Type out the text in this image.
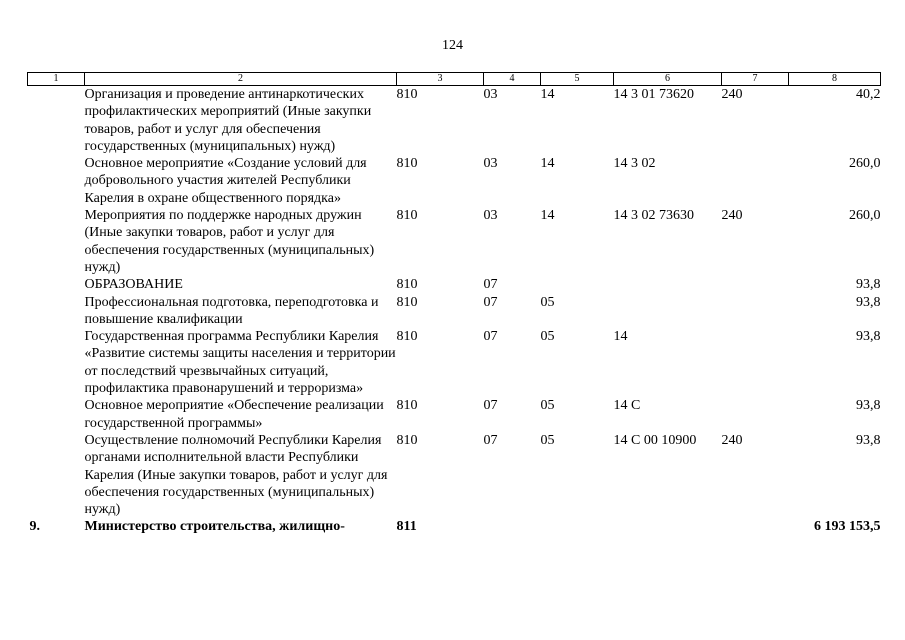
124
1	2	3	4	5	6	7	8
	Организация и проведение антинаркотических профилактических мероприятий (Иные закупки товаров, работ и услуг для обеспечения государственных (муниципальных) нужд)	810	03	14	14 3 01 73620	240	40,2
	Основное мероприятие «Создание условий для добровольного участия жителей Республики Карелия в охране общественного порядка»	810	03	14	14 3 02		260,0
	Мероприятия по поддержке народных дружин (Иные закупки товаров, работ и услуг для обеспечения государственных (муниципальных) нужд)	810	03	14	14 3 02 73630	240	260,0
	ОБРАЗОВАНИЕ	810	07				93,8
	Профессиональная подготовка, переподготовка и повышение квалификации	810	07	05			93,8
	Государственная программа Республики Карелия «Развитие системы защиты населения и территории от последствий чрезвычайных ситуаций, профилактика правонарушений и терроризма»	810	07	05	14		93,8
	Основное мероприятие «Обеспечение реализации государственной программы»	810	07	05	14 С		93,8
	Осуществление полномочий Республики Карелия органами исполнительной власти Республики Карелия (Иные закупки товаров, работ и услуг для обеспечения государственных (муниципальных) нужд)	810	07	05	14 С 00 10900	240	93,8
9.	Министерство строительства, жилищно-	811					6 193 153,5
